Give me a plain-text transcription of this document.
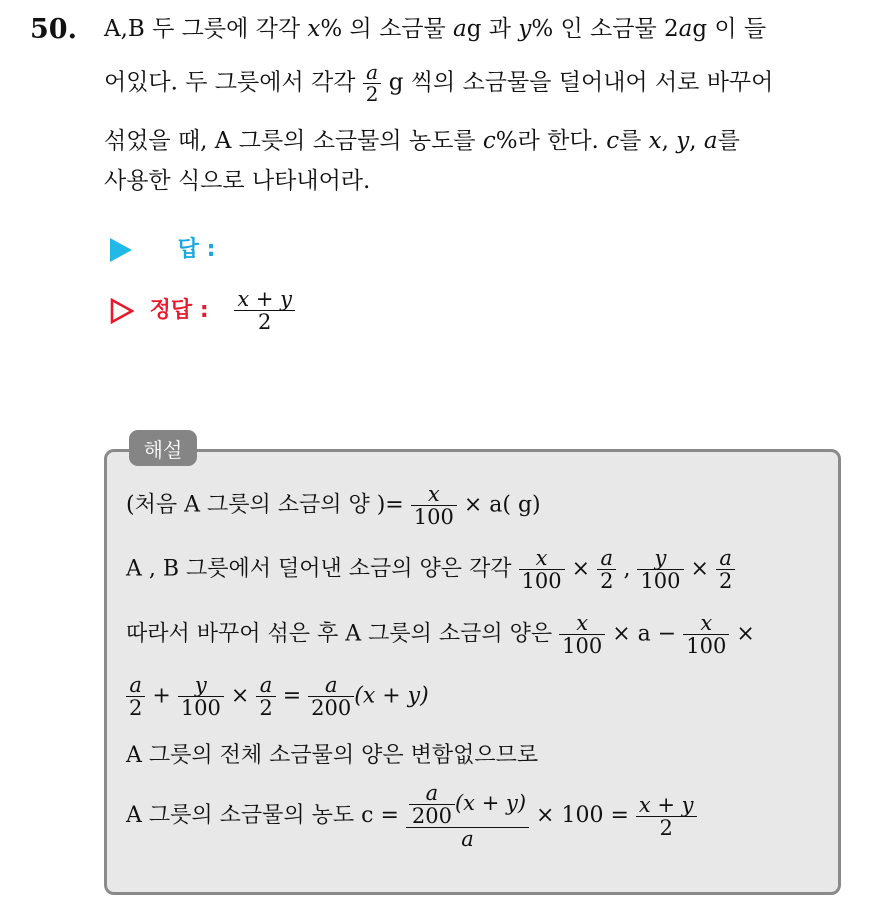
50. A,B 두 그릇에 각각 x% 의 소금물 ag 과 y% 인 소금물 2ag 이 들
어있다. 두 그릇에서 각각 $\frac{a}{2}$ g 씩의 소금물을 덜어내어 서로 바꾸어
섞었을 때, A 그릇의 소금물의 농도를 c%라 한다. c를 x, y, a를
사용한 식으로 나타내어라.
답 :
정답 : $\frac{x + y}{2}$
해설
(처음 A 그릇의 소금의 양 )= $\frac{x}{100} \times a$( g)
A , B 그릇에서 덜어낸 소금의 양은 각각 $\frac{x}{100} \times \frac{a}{2}$ , $\frac{y}{100} \times \frac{a}{2}$
따라서 바꾸어 섞은 후 A 그릇의 소금의 양은 $\frac{x}{100} \times a - \frac{x}{100}$ ×
$\frac{a}{2} + \frac{y}{100} \times \frac{a}{2} = \frac{a}{200} (x + y)$
A 그릇의 전체 소금물의 양은 변함없으므로
A 그릇의 소금물의 농도 $c = \frac{\frac{a}{200} (x + y)}{a} \times 100 = \frac{x + y}{2}$
